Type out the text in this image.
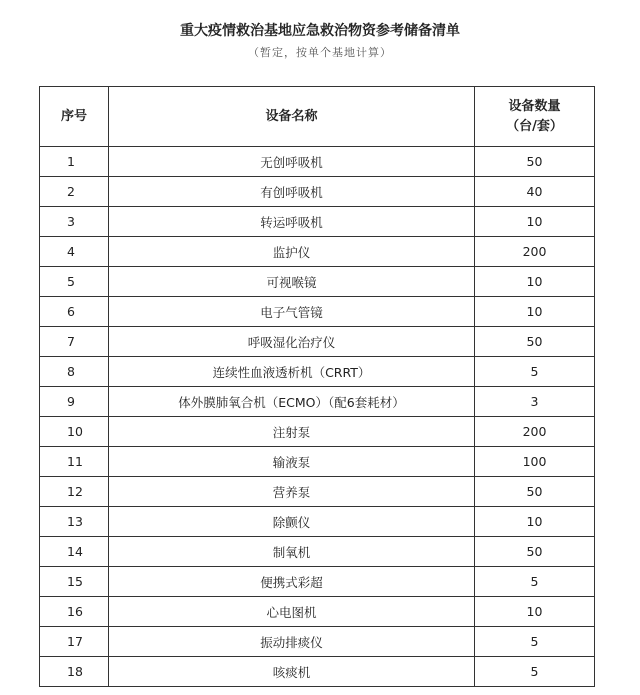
重大疫情救治基地应急救治物资参考储备清单
（暂定，按单个基地计算）
序号	设备名称	设备数量
（台/套）

1	无创呼吸机	50
2	有创呼吸机	40
3	转运呼吸机	10
4	监护仪	200
5	可视喉镜	10
6	电子气管镜	10
7	呼吸湿化治疗仪	50
8	连续性血液透析机（CRRT）	5
9	体外膜肺氧合机（ECMO）（配6套耗材）	3
10	注射泵	200
11	输液泵	100
12	营养泵	50
13	除颤仪	10
14	制氧机	50
15	便携式彩超	5
16	心电图机	10
17	振动排痰仪	5
18	咳痰机	5
